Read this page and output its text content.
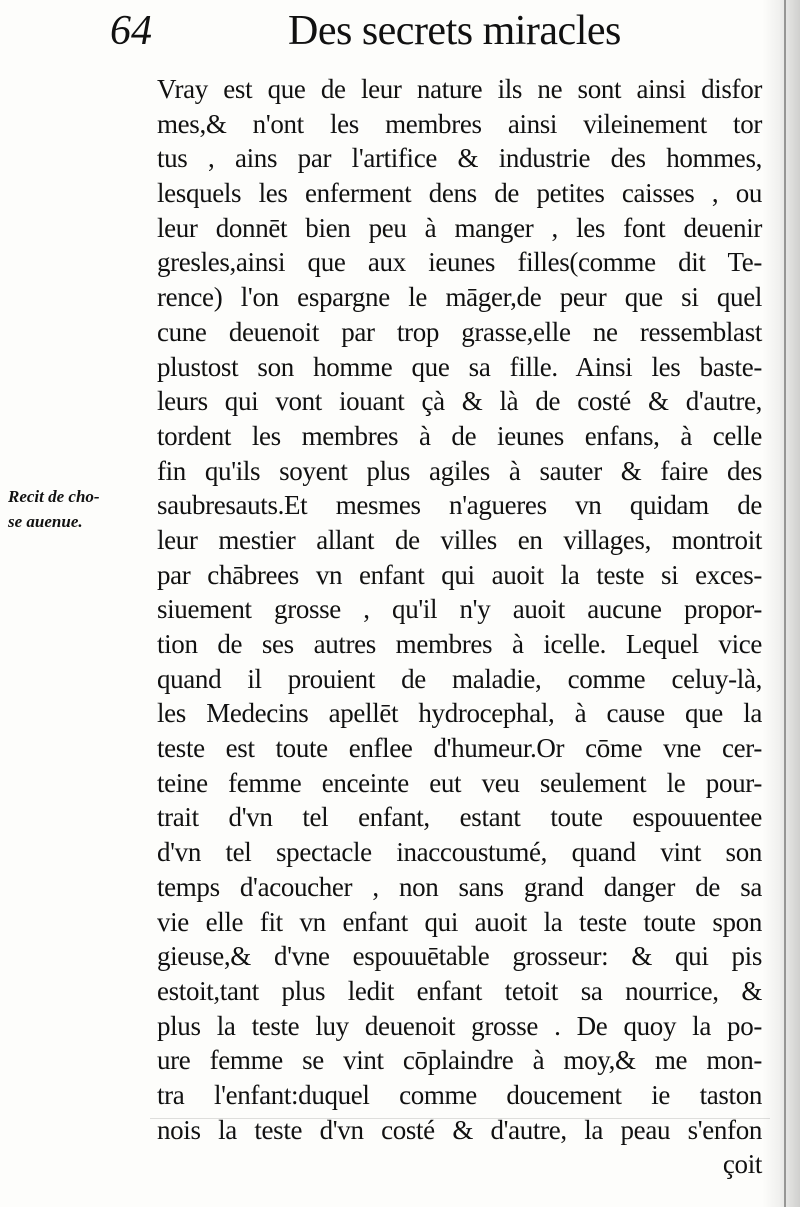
64	Des secrets miracles
Recit de cho-
se auenue.
Vray est que de leur nature ils ne sont ainsi disfor
mes,& n'ont les membres ainsi vileinement tor
tus , ains par l'artifice & industrie des hommes,
lesquels les enferment dens de petites caisses , ou
leur donnēt bien peu à manger , les font deuenir
gresles,ainsi que aux ieunes filles(comme dit Te-
rence) l'on espargne le māger,de peur que si quel
cune deuenoit par trop grasse,elle ne ressemblast
plustost son homme que sa fille. Ainsi les baste-
leurs qui vont iouant çà & là de costé & d'autre,
tordent les membres à de ieunes enfans, à celle
fin qu'ils soyent plus agiles à sauter & faire des
saubresauts.Et mesmes n'agueres vn quidam de
leur mestier allant de villes en villages, montroit
par chābrees vn enfant qui auoit la teste si exces-
siuement grosse , qu'il n'y auoit aucune propor-
tion de ses autres membres à icelle. Lequel vice
quand il prouient de maladie, comme celuy-là,
les Medecins apellēt hydrocephal, à cause que la
teste est toute enflee d'humeur.Or cōme vne cer-
teine femme enceinte eut veu seulement le pour-
trait d'vn tel enfant, estant toute espouuentee
d'vn tel spectacle inaccoustumé, quand vint son
temps d'acoucher , non sans grand danger de sa
vie elle fit vn enfant qui auoit la teste toute spon
gieuse,& d'vne espouuētable grosseur: & qui pis
estoit,tant plus ledit enfant tetoit sa nourrice, &
plus la teste luy deuenoit grosse . De quoy la po-
ure femme se vint cōplaindre à moy,& me mon-
tra l'enfant:duquel comme doucement ie taston
nois la teste d'vn costé & d'autre, la peau s'enfon
çoit
